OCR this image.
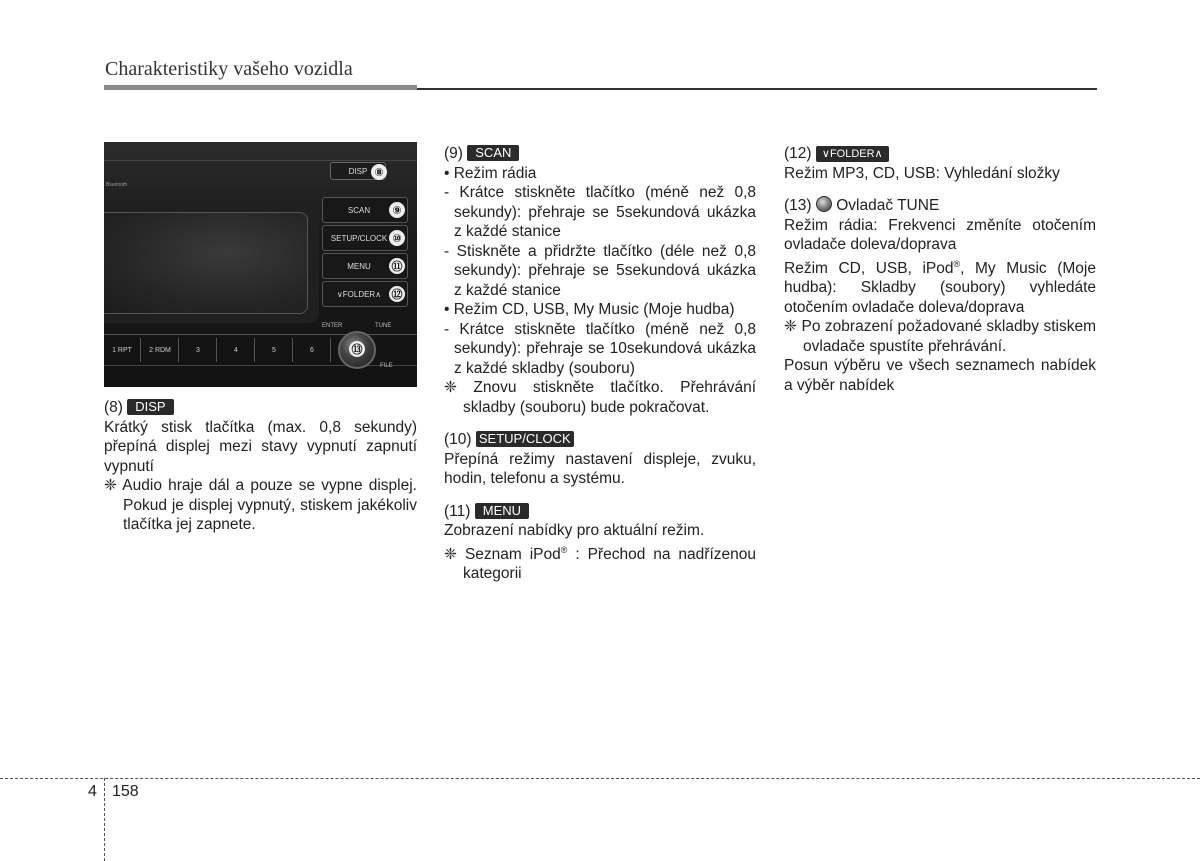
Charakteristiky vašeho vozidla
DISP ⑧
Bluetooth
SCAN	⑨
SETUP/CLOCK ⑩
MENU	⑪
∨FOLDER∧ ⑫
ENTER	TUNE
1 RPT	2 RDM	3	4	5	6	⑬
FILE

(8) DISP

Krátký stisk tlačítka (max. 0,8 sekundy) přepíná displej mezi stavy vypnutí zapnutí vypnutí

❈ Audio hraje dál a pouze se vypne displej. Pokud je displej vypnutý, stiskem jakékoliv tlačítka jej zapnete.

(9) SCAN

• Režim rádia

- Krátce stiskněte tlačítko (méně než 0,8 sekundy): přehraje se 5sekundová ukázka z každé stanice

- Stiskněte a přidržte tlačítko (déle než 0,8 sekundy): přehraje se 5sekundová ukázka z každé stanice

• Režim CD, USB, My Music (Moje hudba)

- Krátce stiskněte tlačítko (méně než 0,8 sekundy): přehraje se 10sekundová ukázka z každé skladby (souboru)

❈ Znovu stiskněte tlačítko. Přehrávání skladby (souboru) bude pokračovat.

(10) SETUP/CLOCK

Přepíná režimy nastavení displeje, zvuku, hodin, telefonu a systému.

(11) MENU

Zobrazení nabídky pro aktuální režim.

❈ Seznam iPod® : Přechod na nadřízenou kategorii

(12) ∨FOLDER∧

Režim MP3, CD, USB: Vyhledání složky

(13) Ovladač TUNE

Režim rádia: Frekvenci změníte otočením ovladače doleva/doprava

Režim CD, USB, iPod®, My Music (Moje hudba): Skladby (soubory) vyhledáte otočením ovladače doleva/doprava

❈ Po zobrazení požadované skladby stiskem ovladače spustíte přehrávání.

Posun výběru ve všech seznamech nabídek a výběr nabídek

4 158
